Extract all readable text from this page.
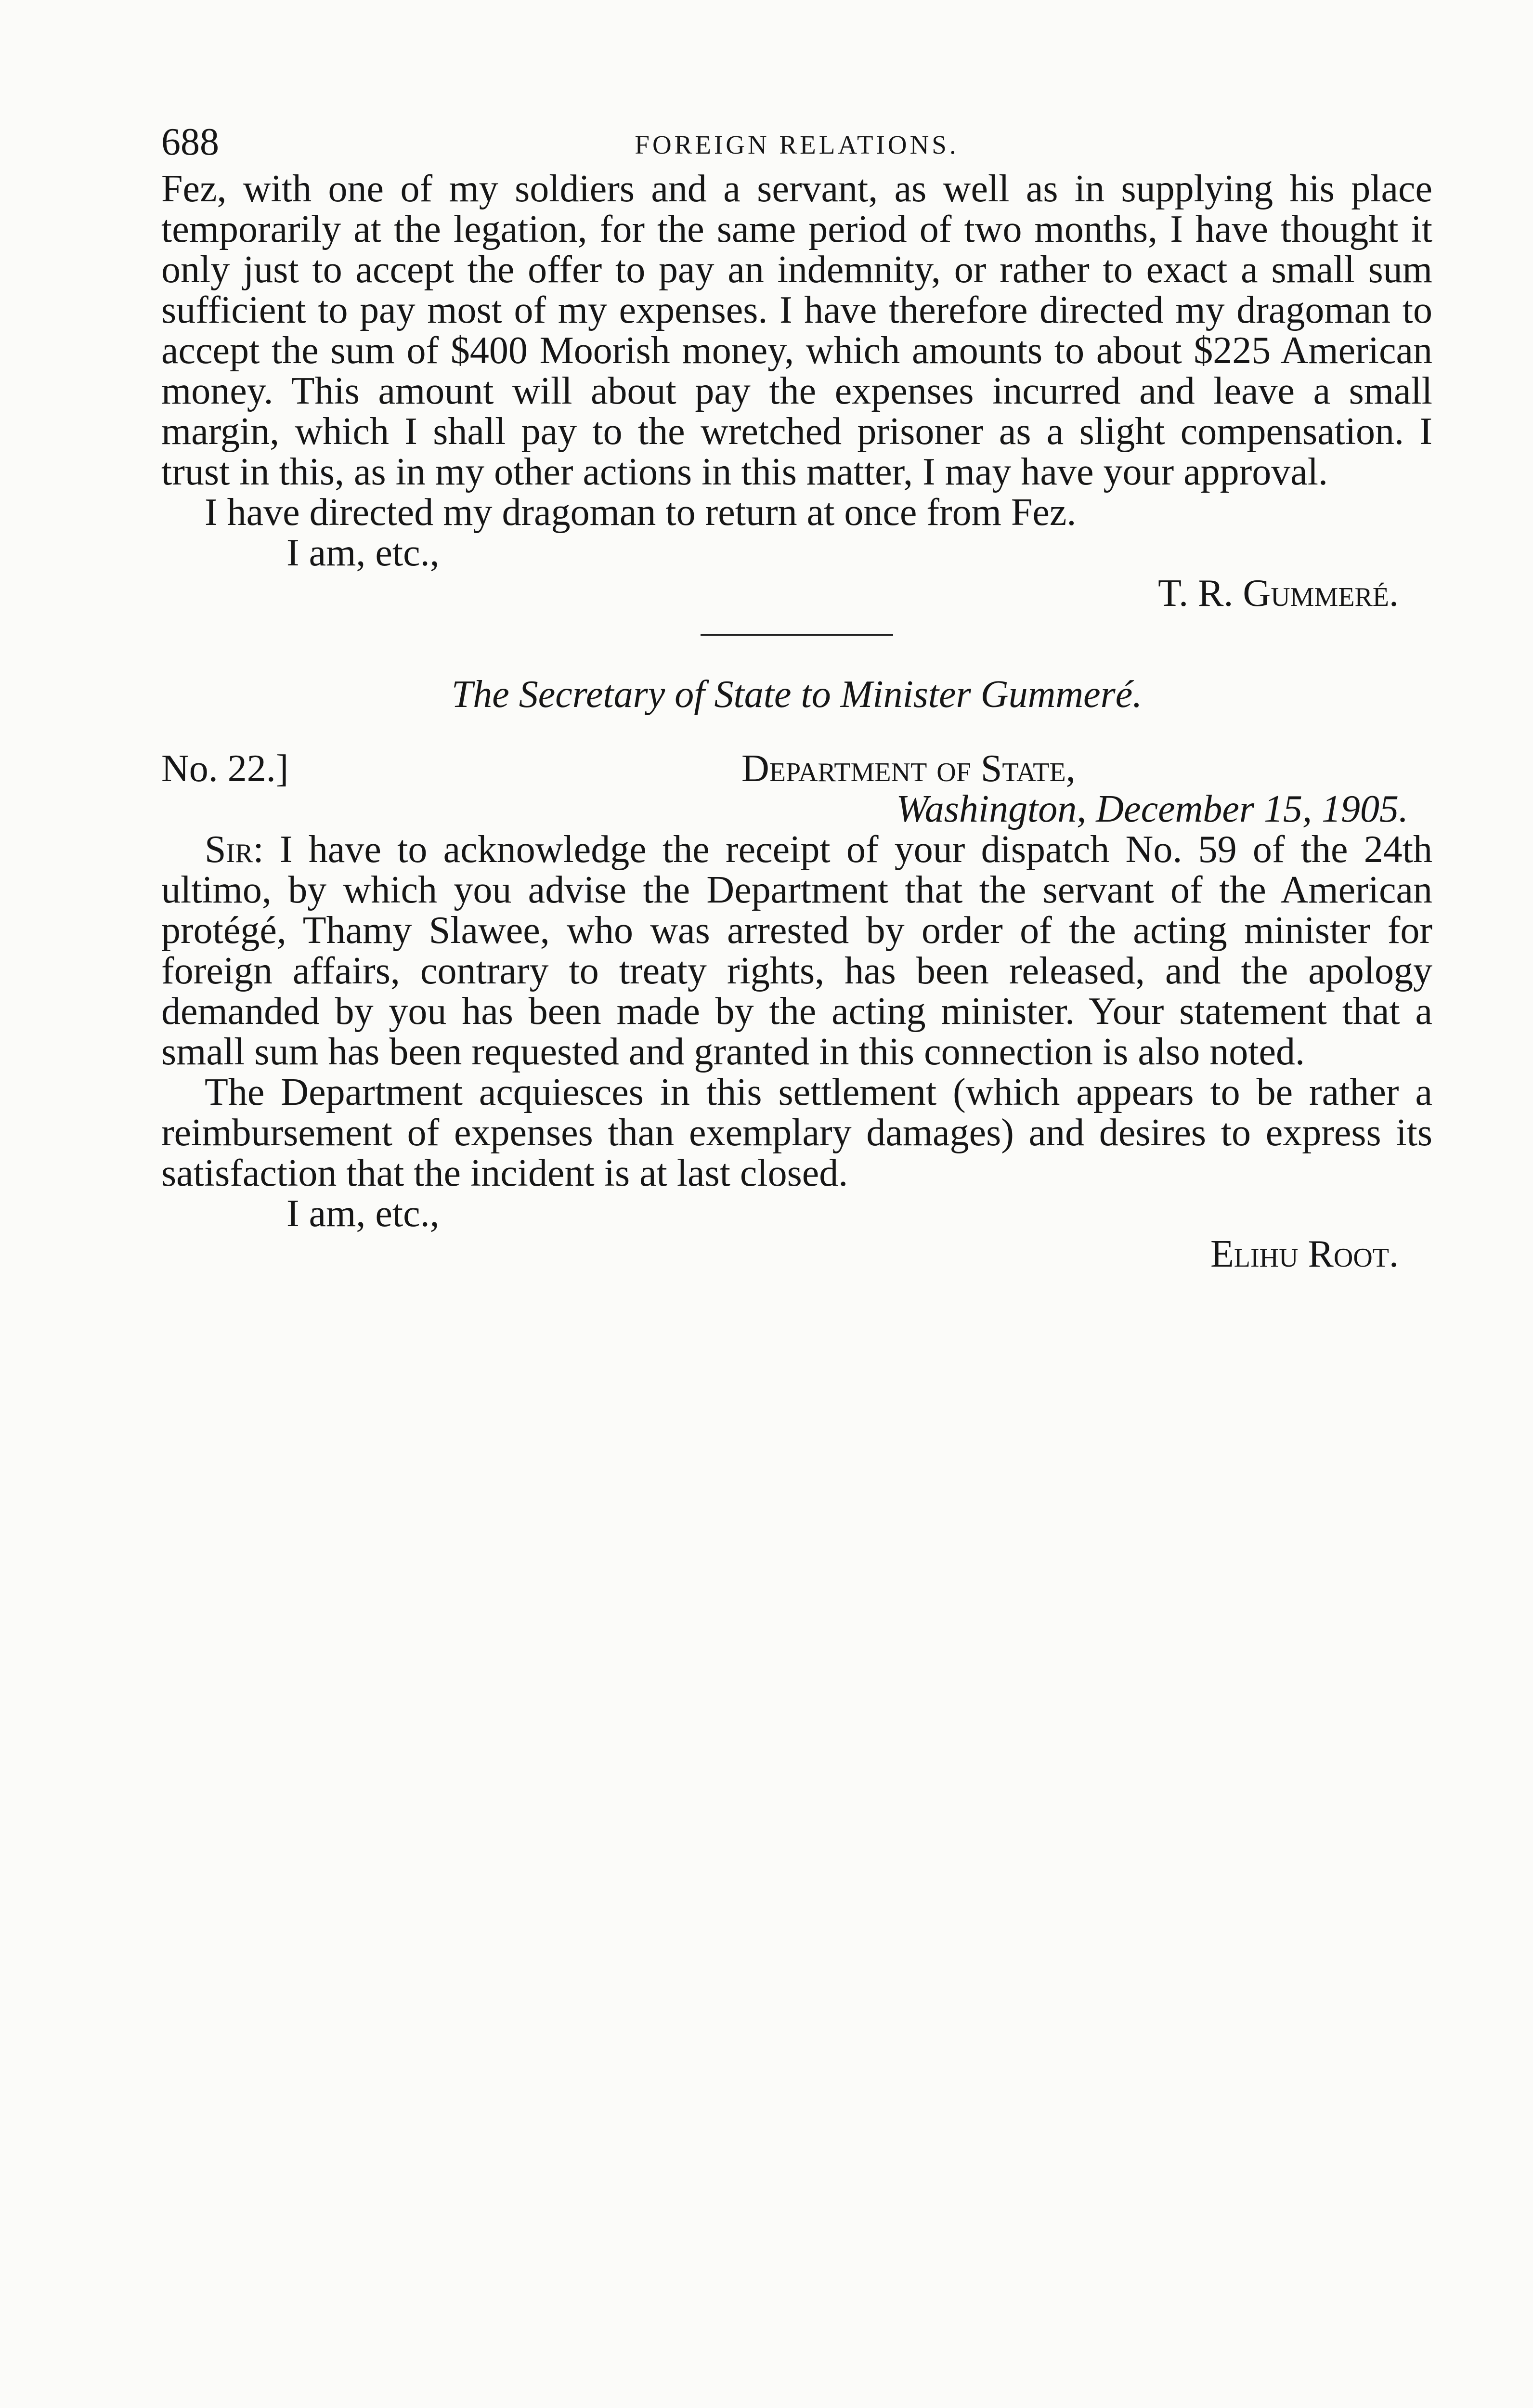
688	FOREIGN RELATIONS.

Fez, with one of my soldiers and a servant, as well as in supplying his place temporarily at the legation, for the same period of two months, I have thought it only just to accept the offer to pay an indemnity, or rather to exact a small sum sufficient to pay most of my expenses. I have therefore directed my dragoman to accept the sum of $400 Moorish money, which amounts to about $225 American money. This amount will about pay the expenses incurred and leave a small margin, which I shall pay to the wretched prisoner as a slight compensation. I trust in this, as in my other actions in this matter, I may have your approval.

I have directed my dragoman to return at once from Fez.

I am, etc.,

T. R. Gummeré.

The Secretary of State to Minister Gummeré.

No. 22.]	Department of State,

Washington, December 15, 1905.

Sir: I have to acknowledge the receipt of your dispatch No. 59 of the 24th ultimo, by which you advise the Department that the servant of the American protégé, Thamy Slawee, who was arrested by order of the acting minister for foreign affairs, contrary to treaty rights, has been released, and the apology demanded by you has been made by the acting minister. Your statement that a small sum has been requested and granted in this connection is also noted.

The Department acquiesces in this settlement (which appears to be rather a reimbursement of expenses than exemplary damages) and desires to express its satisfaction that the incident is at last closed.

I am, etc.,

Elihu Root.
